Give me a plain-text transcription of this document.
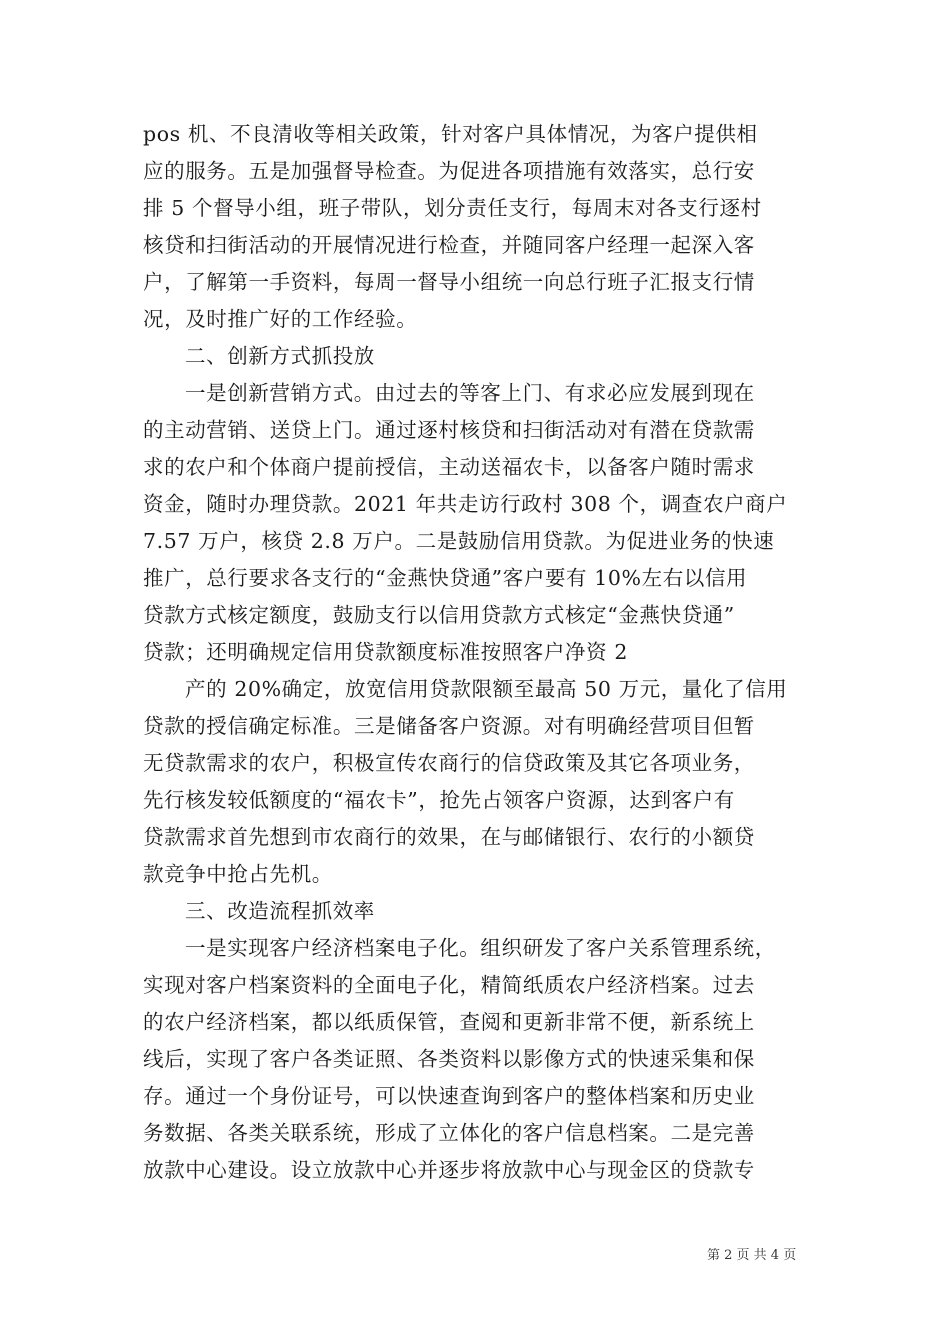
pos 机、不良清收等相关政策，针对客户具体情况，为客户提供相
应的服务。五是加强督导检查。为促进各项措施有效落实，总行安
排 5 个督导小组，班子带队，划分责任支行，每周末对各支行逐村
核贷和扫街活动的开展情况进行检查，并随同客户经理一起深入客
户，了解第一手资料，每周一督导小组统一向总行班子汇报支行情
况，及时推广好的工作经验。
二、创新方式抓投放
一是创新营销方式。由过去的等客上门、有求必应发展到现在
的主动营销、送贷上门。通过逐村核贷和扫街活动对有潜在贷款需
求的农户和个体商户提前授信，主动送福农卡，以备客户随时需求
资金，随时办理贷款。2021 年共走访行政村 308 个，调查农户商户
7.57 万户，核贷 2.8 万户。二是鼓励信用贷款。为促进业务的快速
推广，总行要求各支行的“金燕快贷通”客户要有 10%左右以信用
贷款方式核定额度，鼓励支行以信用贷款方式核定“金燕快贷通”
贷款；还明确规定信用贷款额度标准按照客户净资 2
产的 20%确定，放宽信用贷款限额至最高 50 万元，量化了信用
贷款的授信确定标准。三是储备客户资源。对有明确经营项目但暂
无贷款需求的农户，积极宣传农商行的信贷政策及其它各项业务，
先行核发较低额度的“福农卡”，抢先占领客户资源，达到客户有
贷款需求首先想到市农商行的效果，在与邮储银行、农行的小额贷
款竞争中抢占先机。
三、改造流程抓效率
一是实现客户经济档案电子化。组织研发了客户关系管理系统，
实现对客户档案资料的全面电子化，精简纸质农户经济档案。过去
的农户经济档案，都以纸质保管，查阅和更新非常不便，新系统上
线后，实现了客户各类证照、各类资料以影像方式的快速采集和保
存。通过一个身份证号，可以快速查询到客户的整体档案和历史业
务数据、各类关联系统，形成了立体化的客户信息档案。二是完善
放款中心建设。设立放款中心并逐步将放款中心与现金区的贷款专
第 2 页 共 4 页
